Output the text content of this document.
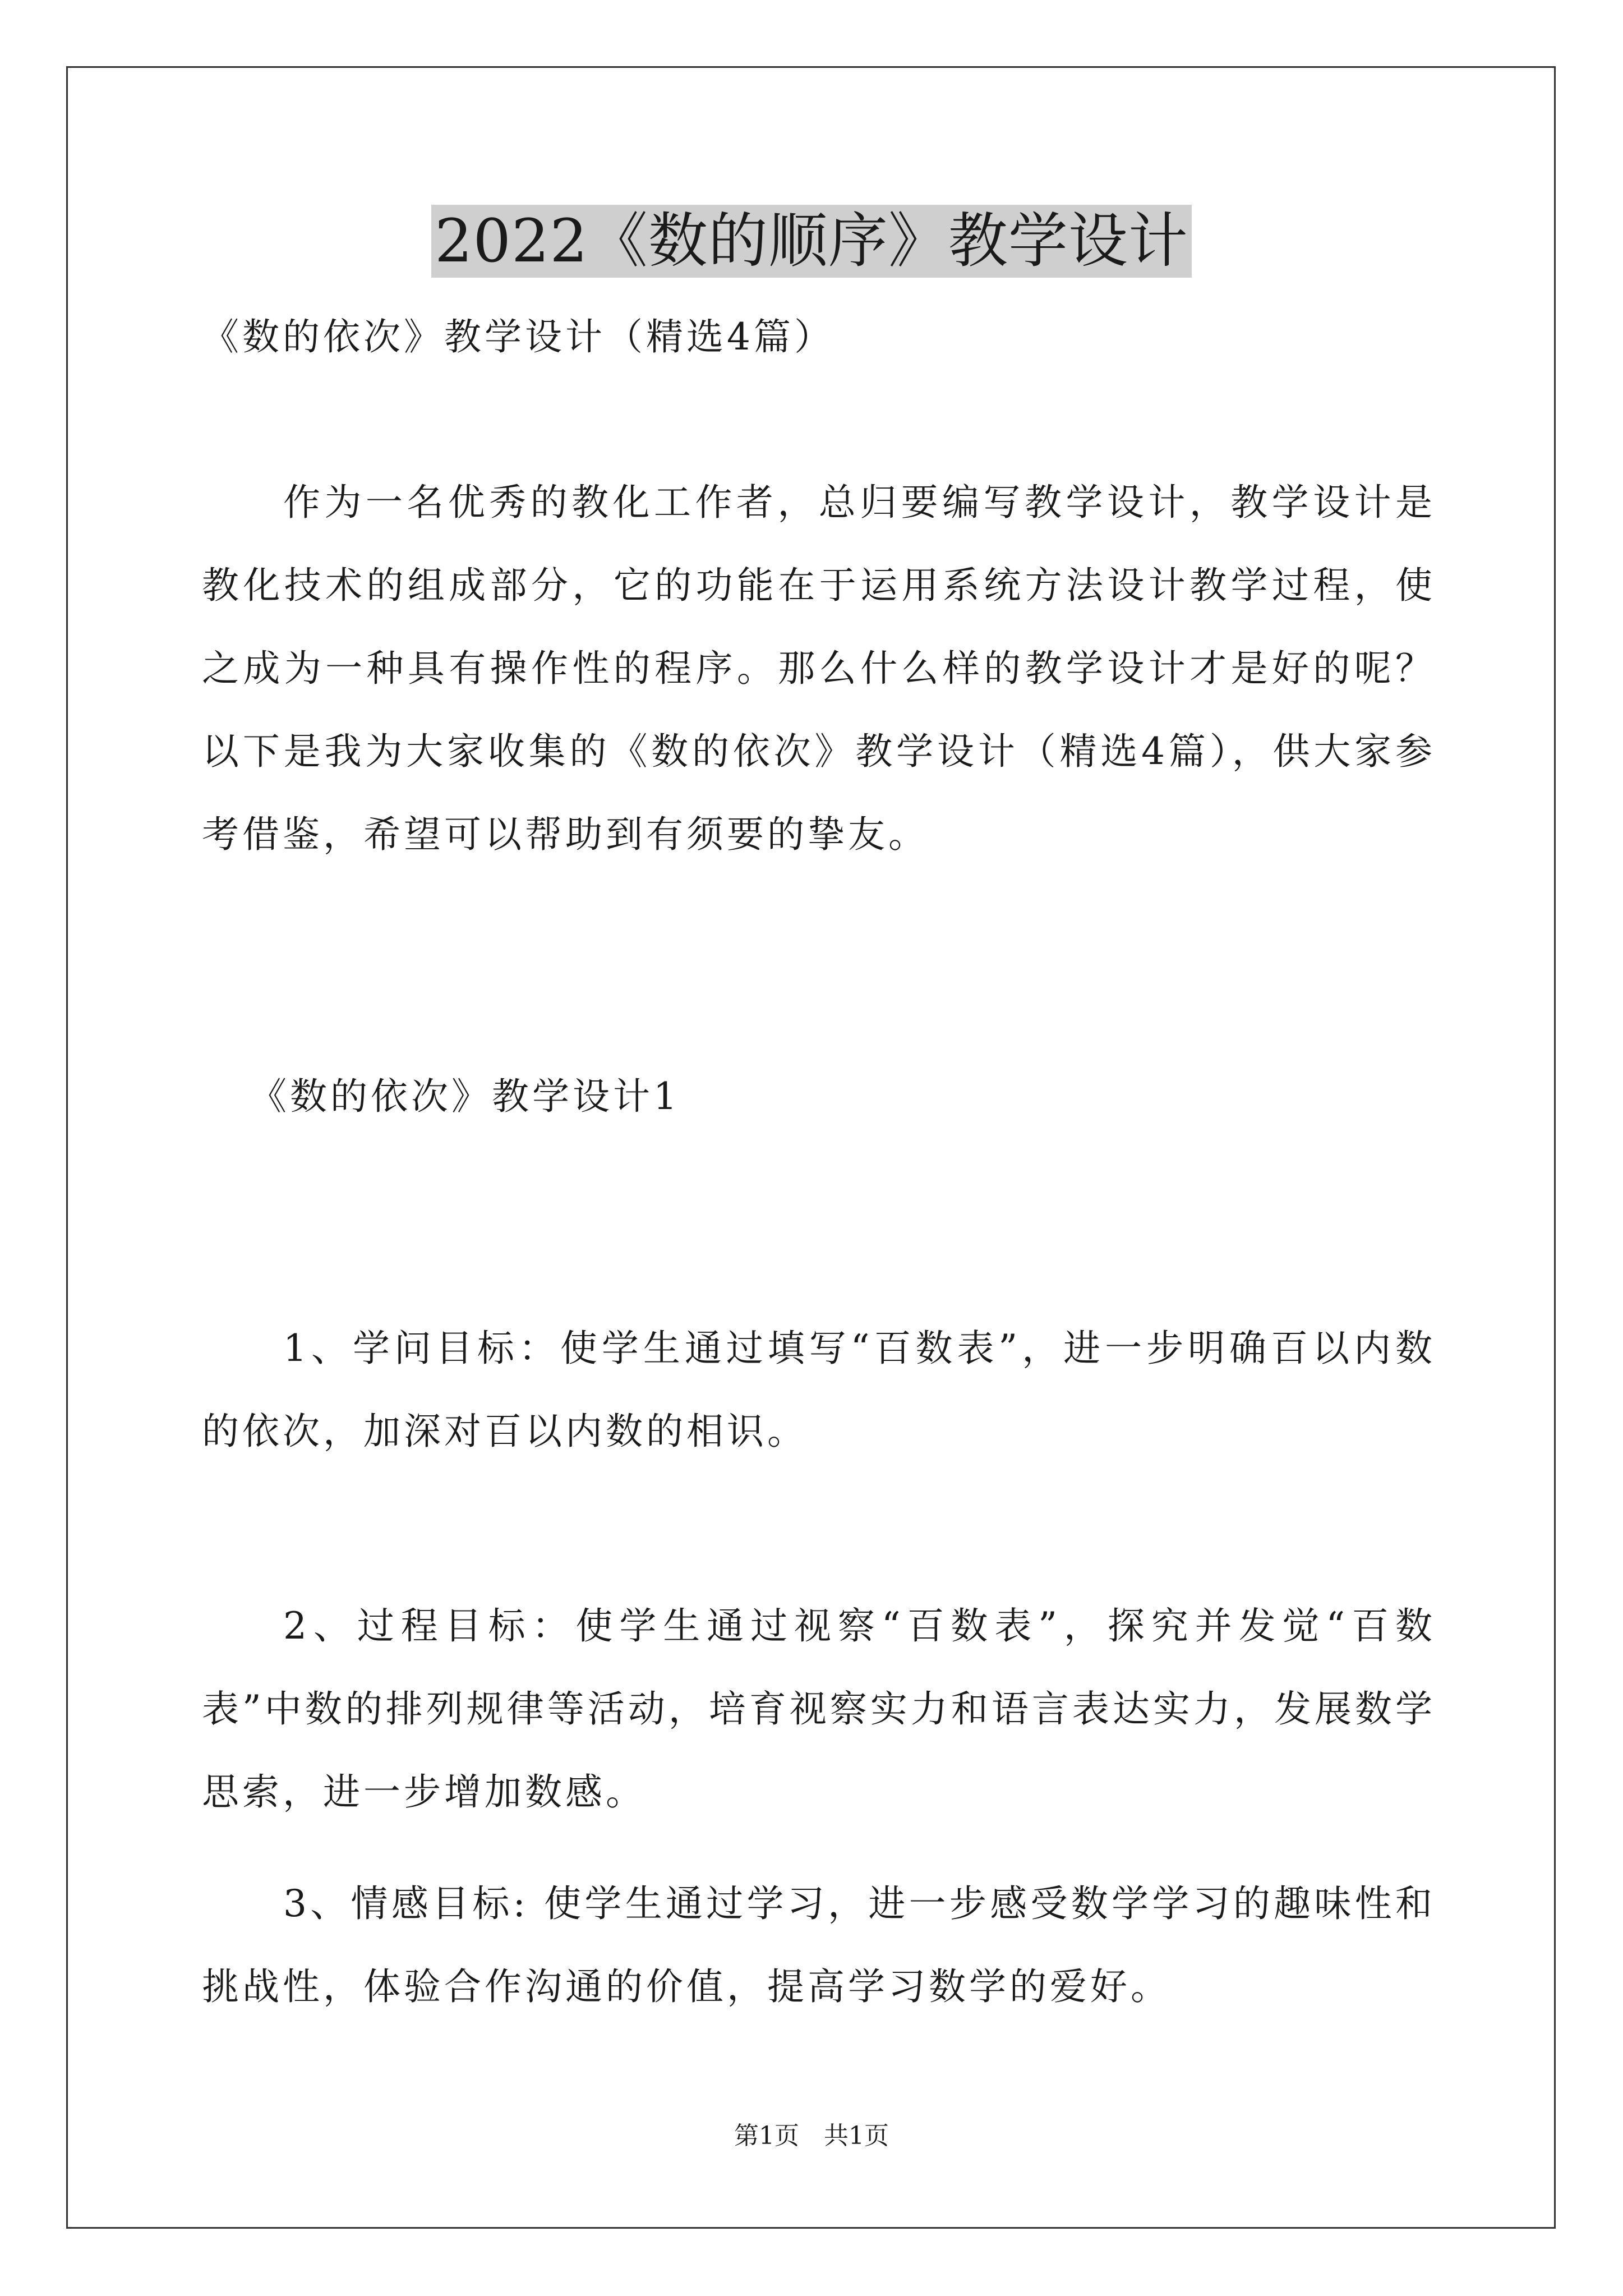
2022《数的顺序》教学设计
《数的依次》教学设计（精选4篇）
作为一名优秀的教化工作者，总归要编写教学设计，教学设计是教化技术的组成部分，它的功能在于运用系统方法设计教学过程，使之成为一种具有操作性的程序。那么什么样的教学设计才是好的呢？以下是我为大家收集的《数的依次》教学设计（精选4篇），供大家参考借鉴，希望可以帮助到有须要的挚友。
《数的依次》教学设计1
1、学问目标：使学生通过填写“百数表”，进一步明确百以内数的依次，加深对百以内数的相识。
2、过程目标：使学生通过视察“百数表”，探究并发觉“百数表”中数的排列规律等活动，培育视察实力和语言表达实力，发展数学思索，进一步增加数感。
3、情感目标: 使学生通过学习，进一步感受数学学习的趣味性和挑战性，体验合作沟通的价值，提高学习数学的爱好。
第1页 共1页
